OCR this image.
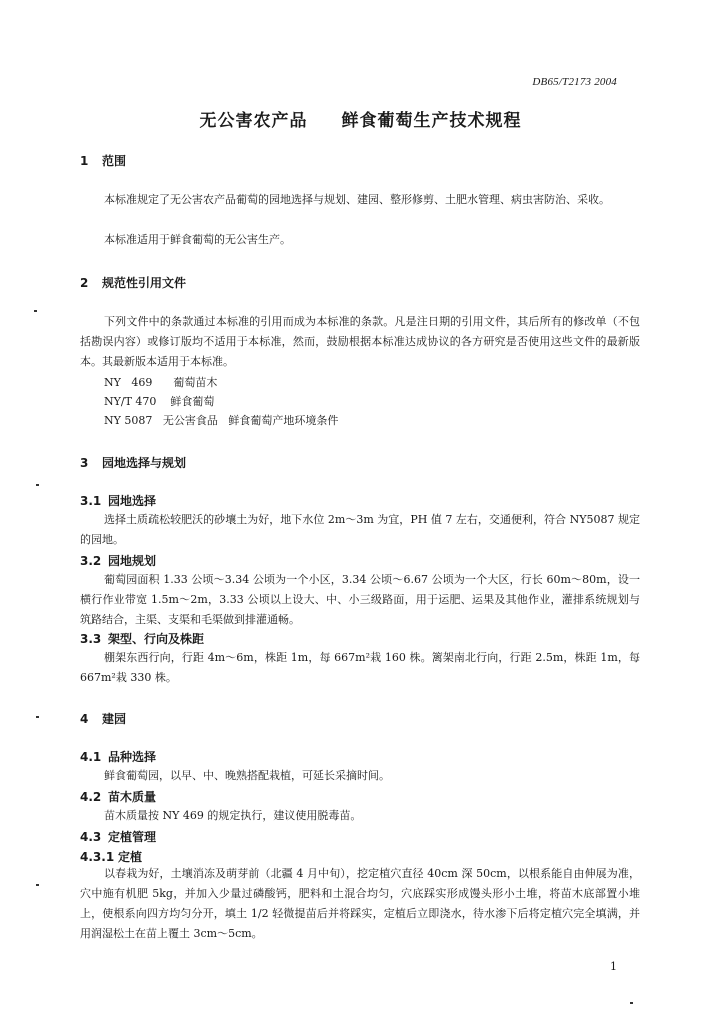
DB65/T2173 2004
无公害农产品 鲜食葡萄生产技术规程
1 范围
本标准规定了无公害农产品葡萄的园地选择与规划、建园、整形修剪、土肥水管理、病虫害防治、采收。
本标准适用于鲜食葡萄的无公害生产。
2 规范性引用文件
下列文件中的条款通过本标准的引用而成为本标准的条款。凡是注日期的引用文件，其后所有的修改单（不包括勘误内容）或修订版均不适用于本标准，然而，鼓励根据本标准达成协议的各方研究是否使用这些文件的最新版本。其最新版本适用于本标准。
NY   469 葡萄苗木
NY/T 470 鲜食葡萄
NY 5087 无公害食品   鲜食葡萄产地环境条件
3 园地选择与规划
3.1 园地选择
选择土质疏松较肥沃的砂壤土为好，地下水位 2m～3m 为宜，PH 值 7 左右，交通便利，符合 NY5087 规定的园地。
3.2 园地规划
葡萄园面积 1.33 公顷～3.34 公顷为一个小区，3.34 公顷～6.67 公顷为一个大区，行长 60m～80m，设一横行作业带宽 1.5m～2m，3.33 公顷以上设大、中、小三级路面，用于运肥、运果及其他作业，灌排系统规划与筑路结合，主渠、支渠和毛渠做到排灌通畅。
3.3 架型、行向及株距
棚架东西行向，行距 4m～6m，株距 1m，每 667m²栽 160 株。篱架南北行向，行距 2.5m，株距 1m，每 667m²栽 330 株。
4 建园
4.1 品种选择
鲜食葡萄园，以早、中、晚熟搭配栽植，可延长采摘时间。
4.2 苗木质量
苗木质量按 NY 469 的规定执行，建议使用脱毒苗。
4.3 定植管理
4.3.1 定植
以春栽为好，土壤消冻及萌芽前（北疆 4 月中旬），挖定植穴直径 40cm 深 50cm，以根系能自由伸展为准，穴中施有机肥 5kg，并加入少量过磷酸钙，肥料和土混合均匀，穴底踩实形成馒头形小土堆，将苗木底部置小堆上，使根系向四方均匀分开，填土 1/2 轻微提苗后并将踩实，定植后立即浇水，待水渗下后将定植穴完全填满，并用润湿松土在苗上覆土 3cm～5cm。
1
